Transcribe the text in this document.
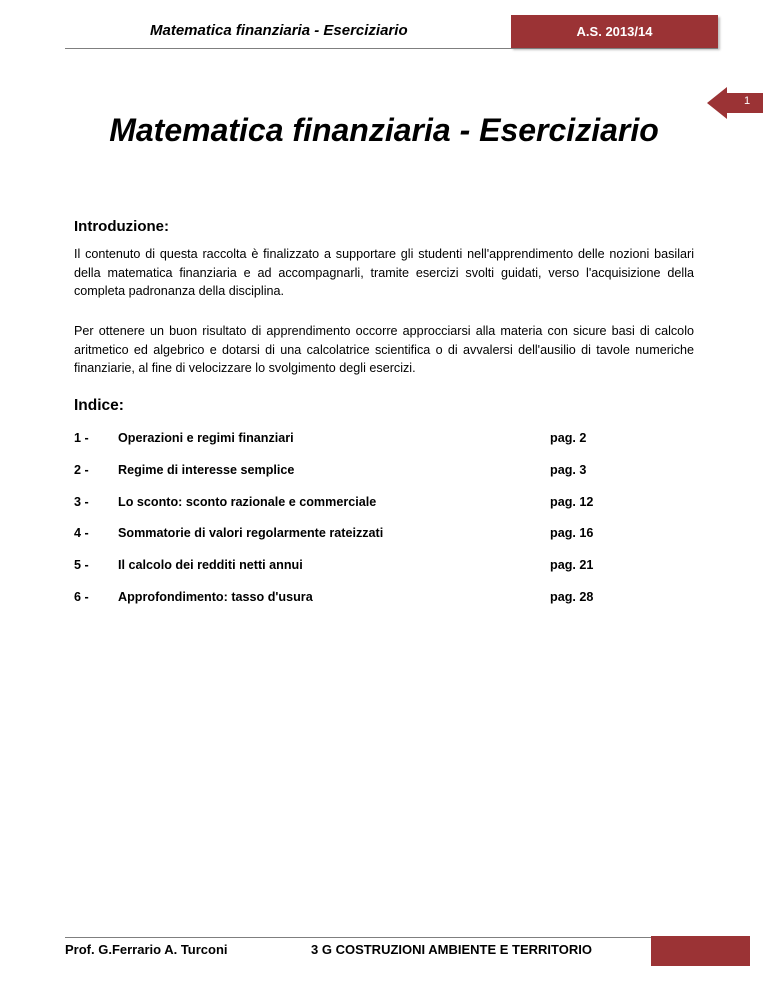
Matematica finanziaria - Eserciziario	A.S. 2013/14
1
Matematica finanziaria - Eserciziario
Introduzione:
Il contenuto di questa raccolta è finalizzato a supportare gli studenti nell'apprendimento delle nozioni basilari della matematica finanziaria e ad accompagnarli, tramite esercizi svolti guidati, verso l'acquisizione della completa padronanza della disciplina.
Per ottenere un buon risultato di apprendimento occorre approcciarsi alla materia con sicure basi di calcolo aritmetico ed algebrico e dotarsi di una calcolatrice scientifica o di avvalersi dell'ausilio di tavole numeriche finanziarie, al fine di velocizzare lo svolgimento degli esercizi.
Indice:
1 - Operazioni e regimi finanziari	pag. 2
2 - Regime di interesse semplice	pag. 3
3 - Lo sconto: sconto razionale e commerciale	pag. 12
4 - Sommatorie di valori regolarmente rateizzati	pag. 16
5 - Il calcolo dei redditi netti annui	pag. 21
6 - Approfondimento: tasso d'usura	pag. 28
Prof. G.Ferrario A. Turconi	3 G COSTRUZIONI AMBIENTE E TERRITORIO
